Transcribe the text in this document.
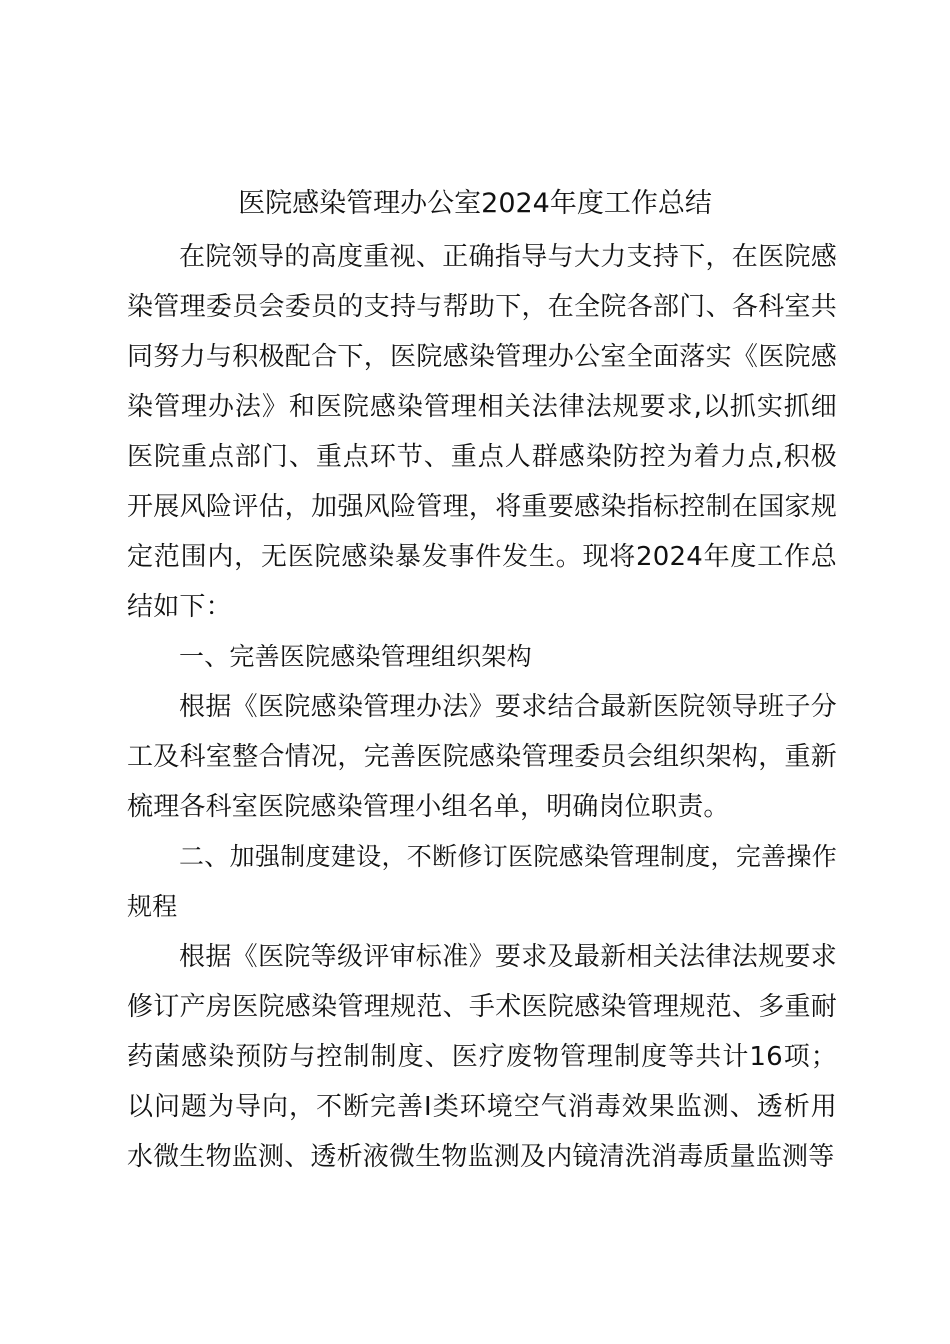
医院感染管理办公室2024年度工作总结

在院领导的高度重视、正确指导与大力支持下，在医院感染管理委员会委员的支持与帮助下，在全院各部门、各科室共同努力与积极配合下，医院感染管理办公室全面落实《医院感染管理办法》和医院感染管理相关法律法规要求,以抓实抓细医院重点部门、重点环节、重点人群感染防控为着力点,积极开展风险评估，加强风险管理，将重要感染指标控制在国家规定范围内，无医院感染暴发事件发生。现将2024年度工作总结如下：

一、完善医院感染管理组织架构

根据《医院感染管理办法》要求结合最新医院领导班子分工及科室整合情况，完善医院感染管理委员会组织架构，重新梳理各科室医院感染管理小组名单，明确岗位职责。

二、加强制度建设，不断修订医院感染管理制度，完善操作规程

根据《医院等级评审标准》要求及最新相关法律法规要求修订产房医院感染管理规范、手术医院感染管理规范、多重耐药菌感染预防与控制制度、医疗废物管理制度等共计16项；以问题为导向，不断完善Ⅰ类环境空气消毒效果监测、透析用水微生物监测、透析液微生物监测及内镜清洗消毒质量监测等
